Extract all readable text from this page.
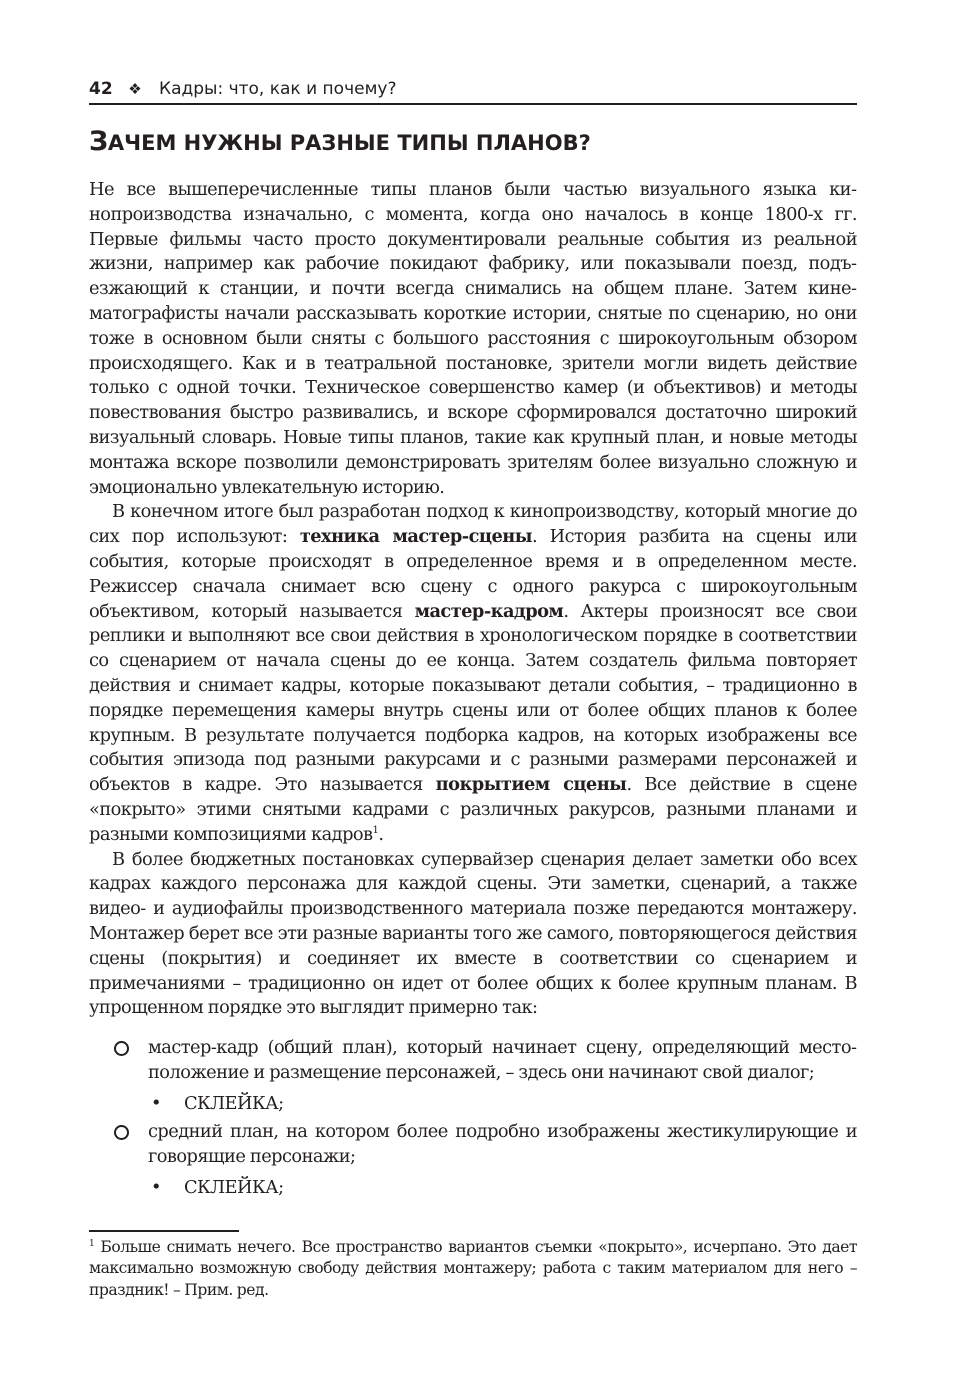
42 ❖ Кадры: что, как и почему?
ЗАЧЕМ НУЖНЫ РАЗНЫЕ ТИПЫ ПЛАНОВ?

Не все вышеперечисленные типы планов были частью визуального языка кинопроизводства изначально, с момента, когда оно началось в конце 1800-х гг. Первые фильмы часто просто документировали реальные события из реальной жизни, например как рабочие покидают фабрику, или показывали поезд, подъезжающий к станции, и почти всегда снимались на общем плане. Затем кинематографисты начали рассказывать короткие истории, снятые по сценарию, но они тоже в основном были сняты с большого расстояния с широкоугольным обзором происходящего. Как и в театральной постановке, зрители могли видеть действие только с одной точки. Техническое совершенство камер (и объективов) и методы повествования быстро развивались, и вскоре сформировался достаточно широкий визуальный словарь. Новые типы планов, такие как крупный план, и новые методы монтажа вскоре позволили демонстрировать зрителям более визуально сложную и эмоционально увлекательную историю.

В конечном итоге был разработан подход к кинопроизводству, который многие до сих пор используют: техника мастер-сцены. История разбита на сцены или события, которые происходят в определенное время и в определенном месте. Режиссер сначала снимает всю сцену с одного ракурса с широкоугольным объективом, который называется мастер-кадром. Актеры произносят все свои реплики и выполняют все свои действия в хронологическом порядке в соответствии со сценарием от начала сцены до ее конца. Затем создатель фильма повторяет действия и снимает кадры, которые показывают детали события, – традиционно в порядке перемещения камеры внутрь сцены или от более общих планов к более крупным. В результате получается подборка кадров, на которых изображены все события эпизода под разными ракурсами и с разными размерами персонажей и объектов в кадре. Это называется покрытием сцены. Все действие в сцене «покрыто» этими снятыми кадрами с различных ракурсов, разными планами и разными композициями кадров$^1$.

В более бюджетных постановках супервайзер сценария делает заметки обо всех кадрах каждого персонажа для каждой сцены. Эти заметки, сценарий, а также видео- и аудиофайлы производственного материала позже передаются монтажеру. Монтажер берет все эти разные варианты того же самого, повторяющегося действия сцены (покрытия) и соединяет их вместе в соответствии со сценарием и примечаниями – традиционно он идет от более общих к более крупным планам. В упрощенном порядке это выглядит примерно так:

мастер-кадр (общий план), который начинает сцену, определяющий местоположение и размещение персонажей, – здесь они начинают свой диалог;
• СКЛЕЙКА;
средний план, на котором более подробно изображены жестикулирующие и говорящие персонажи;
• СКЛЕЙКА;
$^1$ Больше снимать нечего. Все пространство вариантов съемки «покрыто», исчерпано. Это дает максимально возможную свободу действия монтажеру; работа с таким материалом для него – праздник! – Прим. ред.
